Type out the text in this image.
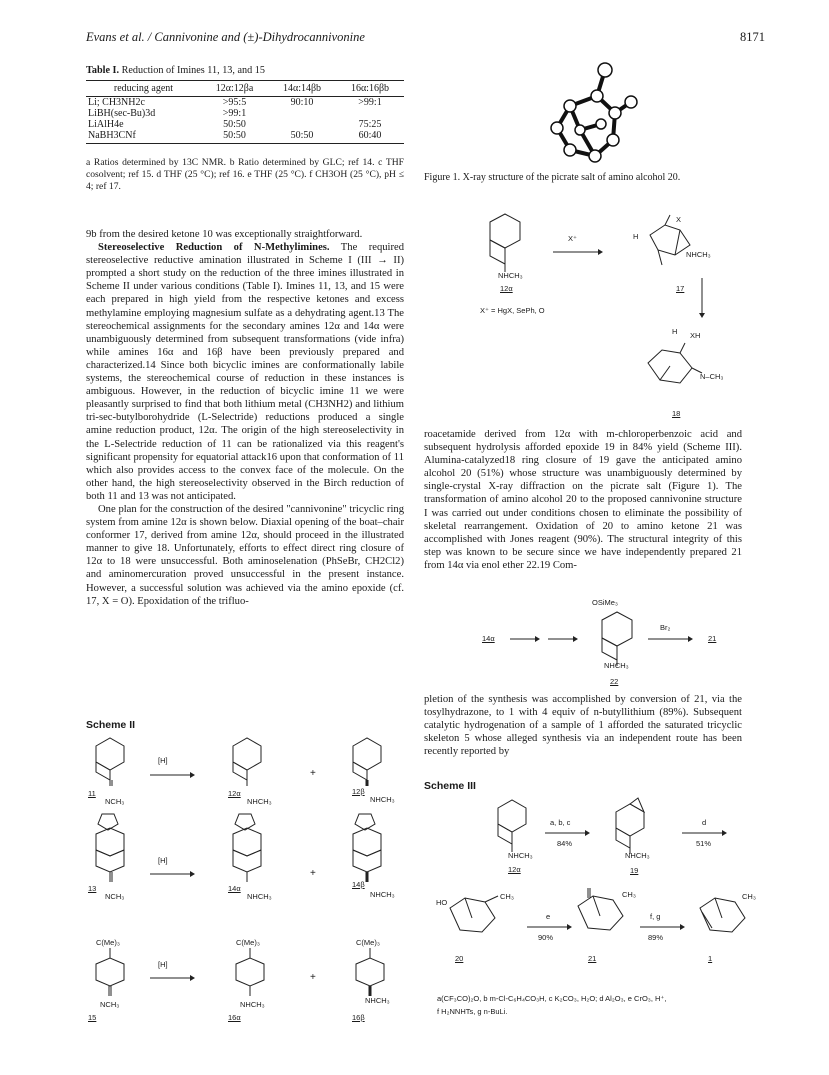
Evans et al. / Cannivonine and (±)-Dihydrocannivonine	8171
Table I. Reduction of Imines 11, 13, and 15
reducing agent	12α:12βa	14α:14βb	16α:16βb
Li; CH3NH2c	>95:5	90:10	>99:1
LiBH(sec-Bu)3d	>99:1		
LiAlH4e	50:50		75:25
NaBH3CNf	50:50	50:50	60:40
a Ratios determined by 13C NMR. b Ratio determined by GLC; ref 14. c THF cosolvent; ref 15. d THF (25 °C); ref 16. e THF (25 °C). f CH3OH (25 °C), pH ≤ 4; ref 17.
Figure 1. X-ray structure of the picrate salt of amino alcohol 20.
NHCH₃
12α
X⁺ = HgX, SePh, O
X⁺	H
X
NHCH₃
17
H XH
N–CH₃
18

9b from the desired ketone 10 was exceptionally straightforward.

Stereoselective Reduction of N-Methylimines. The required stereoselective reductive amination illustrated in Scheme I (III → II) prompted a short study on the reduction of the three imines illustrated in Scheme II under various conditions (Table I). Imines 11, 13, and 15 were each prepared in high yield from the respective ketones and excess methylamine employing magnesium sulfate as a dehydrating agent.13 The stereochemical assignments for the secondary amines 12α and 14α were unambiguously determined from subsequent transformations (vide infra) while amines 16α and 16β have been previously prepared and characterized.14 Since both bicyclic imines are conformationally labile systems, the stereochemical course of reduction in these instances is ambiguous. However, in the reduction of bicyclic imine 11 we were pleasantly surprised to find that both lithium metal (CH3NH2) and lithium tri-sec-butylborohydride (L-Selectride) reductions produced a single amine reduction product, 12α. The origin of the high stereoselectivity in the L-Selectride reduction of 11 can be rationalized via this reagent's significant propensity for equatorial attack16 upon that conformation of 11 which also provides access to the convex face of the molecule. On the other hand, the high stereoselectivity observed in the Birch reduction of both 11 and 13 was not anticipated.

One plan for the construction of the desired "cannivonine" tricyclic ring system from amine 12α is shown below. Diaxial opening of the boat–chair conformer 17, derived from amine 12α, should proceed in the illustrated manner to give 18. Unfortunately, efforts to effect direct ring closure of 12α to 18 were unsuccessful. Both aminoselenation (PhSeBr, CH2Cl2) and aminomercuration proved unsuccessful in the present instance. However, a successful solution was achieved via the amino epoxide (cf. 17, X = O). Epoxidation of the trifluo-

roacetamide derived from 12α with m-chloroperbenzoic acid and subsequent hydrolysis afforded epoxide 19 in 84% yield (Scheme III). Alumina-catalyzed18 ring closure of 19 gave the anticipated amino alcohol 20 (51%) whose structure was unambiguously determined by single-crystal X-ray diffraction on the picrate salt (Figure 1). The transformation of amino alcohol 20 to the proposed cannivonine structure I was carried out under conditions chosen to eliminate the possibility of skeletal rearrangement. Oxidation of 20 to amino ketone 21 was accomplished with Jones reagent (90%). The structural integrity of this step was known to be secure since we have independently prepared 21 from 14α via enol ether 22.19 Com-
OSiMe₃
14α
NHCH₃
22
Br₂
21
pletion of the synthesis was accomplished by conversion of 21, via the tosylhydrazone, to 1 with 4 equiv of n-butyllithium (89%). Subsequent catalytic hydrogenation of a sample of 1 afforded the saturated tricyclic skeleton 5 whose alleged synthesis via an independent route has been recently reported by
Scheme II
11
NCH₃
[H]
12α
NHCH₃
+
12β
NHCH₃
13
NCH₃
[H]
14α
NHCH₃
+
14β
NHCH₃
C(Me)₃
NCH₃
15
[H]
C(Me)₃
NHCH₃
16α
+
C(Me)₃
NHCH₃
16β
Scheme III
NHCH₃
12α
a, b, c
84%
NHCH₃
19
d
51%
HO
CH₃
20
e
90%
CH₃
21
f, g
89%
CH₃
1
a(CF₃CO)₂O, b m-Cl-C₆H₄CO₃H, c K₂CO₃, H₂O; d Al₂O₃, e CrO₃, H⁺,
f H₂NNHTs, g n-BuLi.
